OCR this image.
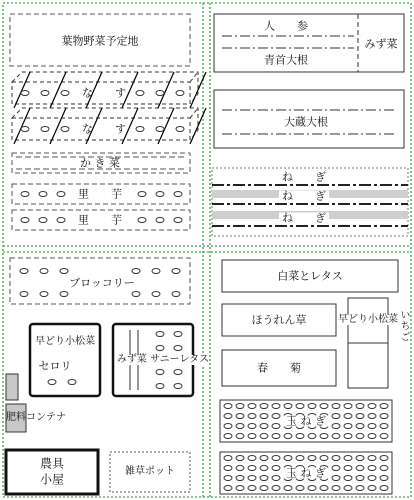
葉物野菜予定地
な　　す
な　　す
か き 菜
里　　芋
里　　芋
人　　参
青首大根
みず菜
大蔵大根
ね　　ぎ
ね　　ぎ
ね　　ぎ
ブロッコリー
早どり小松菜
セロリ	みず菜 サニーレタス
肥料コンテナ
農具
小屋
雑草ポット
白菜とレタス
ほうれん草	早どり小松菜
春　　菊
いちご
玉 ね ぎ
玉 ね ぎ
